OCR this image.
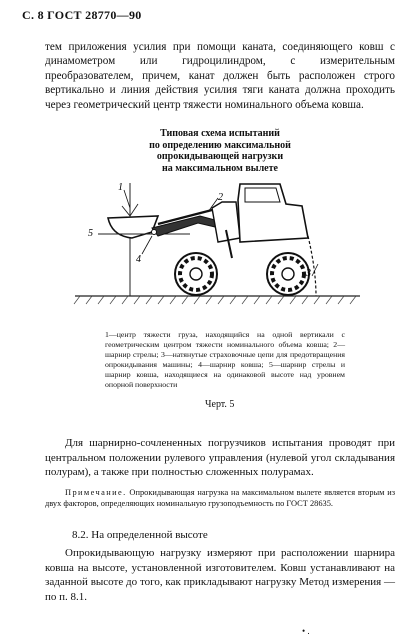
С. 8 ГОСТ 28770—90

тем приложения усилия при помощи каната, соединяющего ковш с динамометром или гидроцилиндром, с измерительным преобразователем, причем, канат должен быть расположен строго вертикально и линия действия усилия тяги каната должна проходить через геометрический центр тяжести номинального объема ковша.

Типовая схема испытаний
по определению максимальной
опрокидывающей нагрузки
на максимальном вылете
1
2
3
4
5
1—центр тяжести груза, находящийся на одной вертикали с геометрическим центром тяжести номинального объема ковша; 2—шарнир стрелы; 3—натянутые страховочные цепи для предотвращения опрокидывания машины; 4—шарнир ковша; 5—шарнир стрелы и шарнир ковша, находящиеся на одинаковой высоте над уровнем опорной поверхности
Черт. 5
Для шарнирно-сочлененных погрузчиков испытания проводят при центральном положении рулевого управления (нулевой угол складывания полурам), а также при полностью сложенных полурамах.
Примечание. Опрокидывающая нагрузка на максимальном вылете является вторым из двух факторов, определяющих номинальную грузоподъемность по ГОСТ 28635.
8.2. На определенной высоте
Опрокидывающую нагрузку измеряют при расположении шарнира ковша на высоте, установленной изготовителем. Ковш устанавливают на заданной высоте до того, как прикладывают нагрузку Метод измерения — по п. 8.1.
• .
